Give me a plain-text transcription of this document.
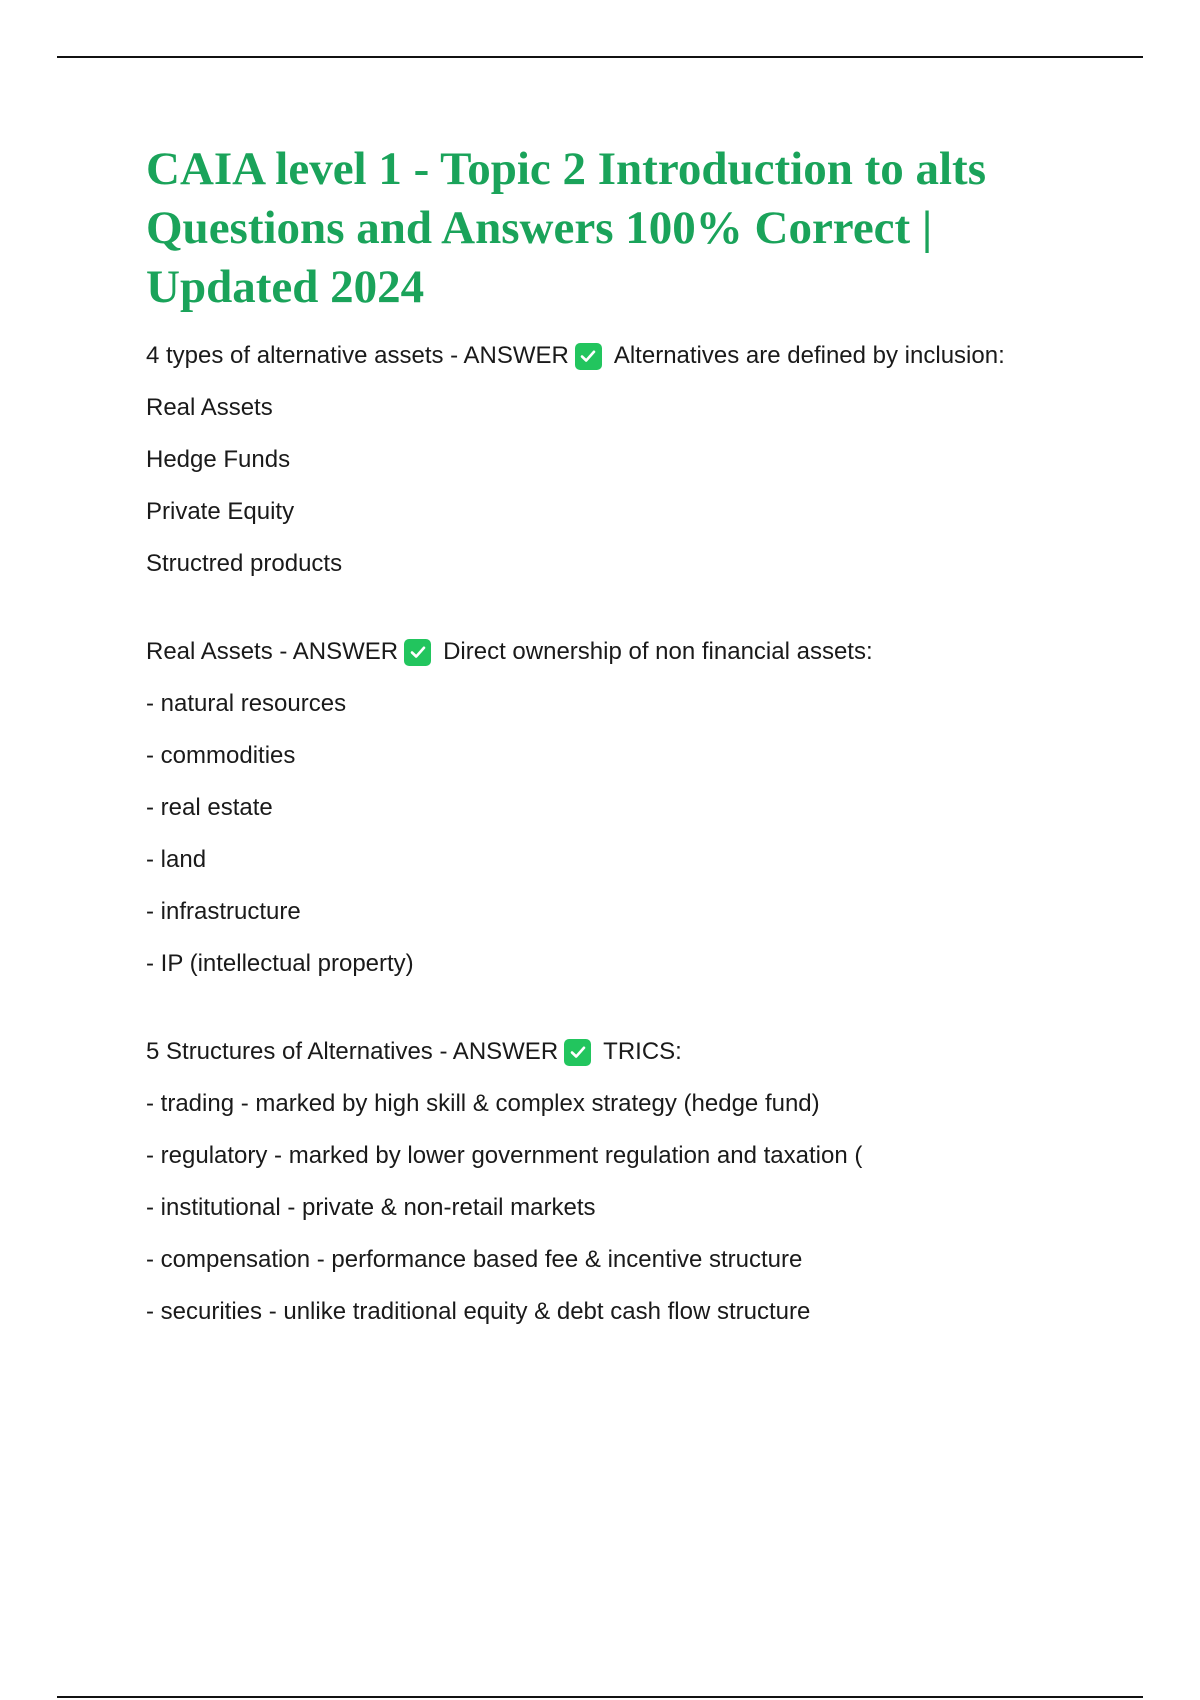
CAIA level 1 - Topic 2 Introduction to alts Questions and Answers 100% Correct | Updated 2024
4 types of alternative assets - ANSWER Alternatives are defined by inclusion:
Real Assets
Hedge Funds
Private Equity
Structred products
Real Assets - ANSWER Direct ownership of non financial assets:
- natural resources
- commodities
- real estate
- land
- infrastructure
- IP (intellectual property)
5 Structures of Alternatives - ANSWER TRICS:
- trading - marked by high skill & complex strategy (hedge fund)
- regulatory - marked by lower government regulation and taxation (
- institutional - private & non-retail markets
- compensation - performance based fee & incentive structure
- securities - unlike traditional equity & debt cash flow structure
